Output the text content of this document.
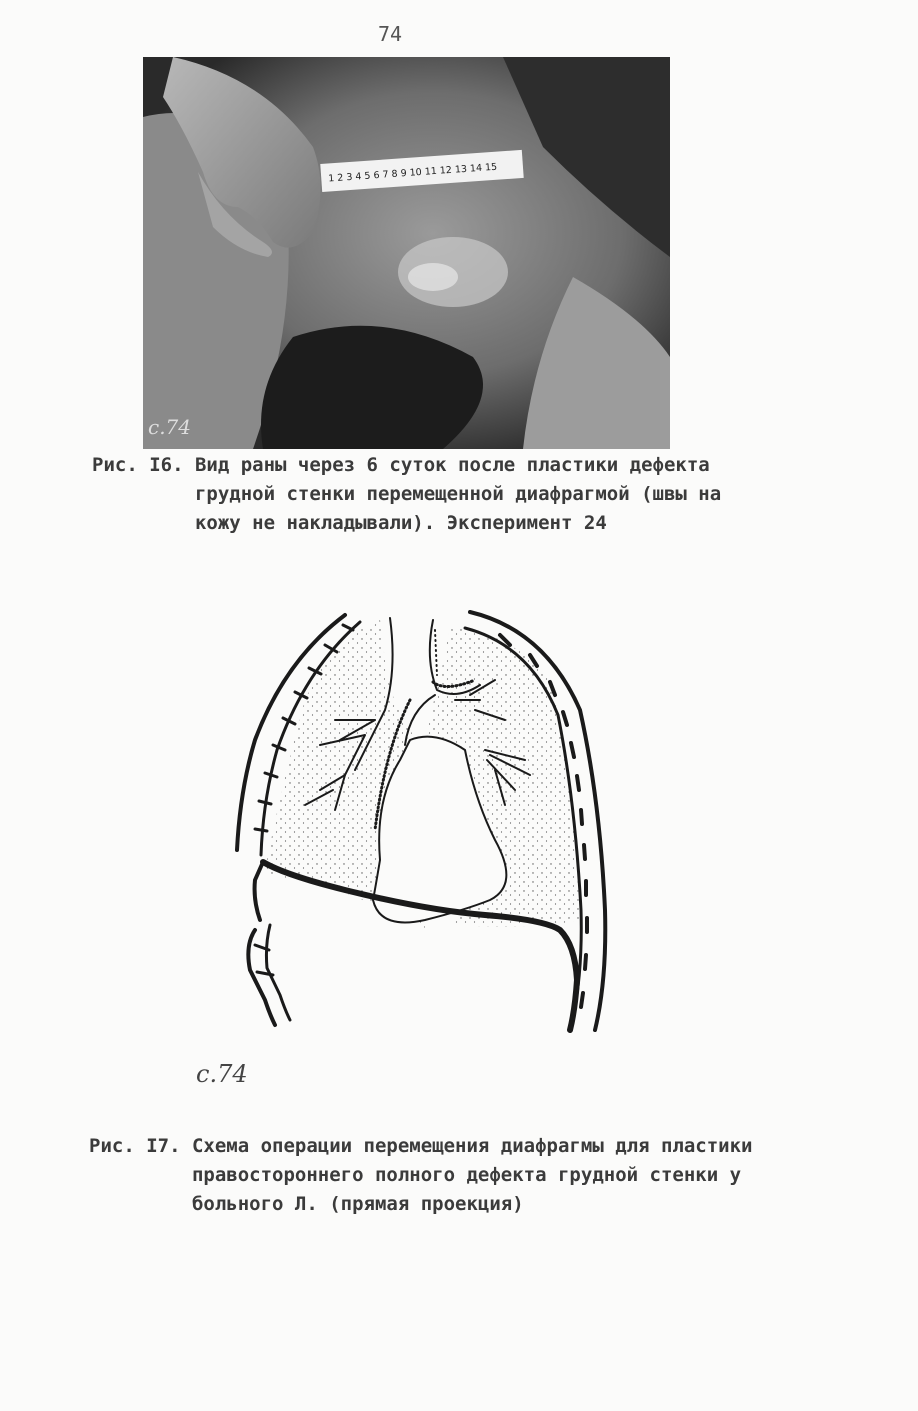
74
1 2 3 4 5 6 7 8 9 10 11 12 13 14 15
с.74
Рис. I6. Вид раны через 6 суток после пластики дефекта
грудной стенки перемещенной диафрагмой (швы на
кожу не накладывали). Эксперимент 24
с.74
Рис. I7. Схема операции перемещения диафрагмы для пластики
правостороннего полного дефекта грудной стенки у
больного Л. (прямая проекция)
